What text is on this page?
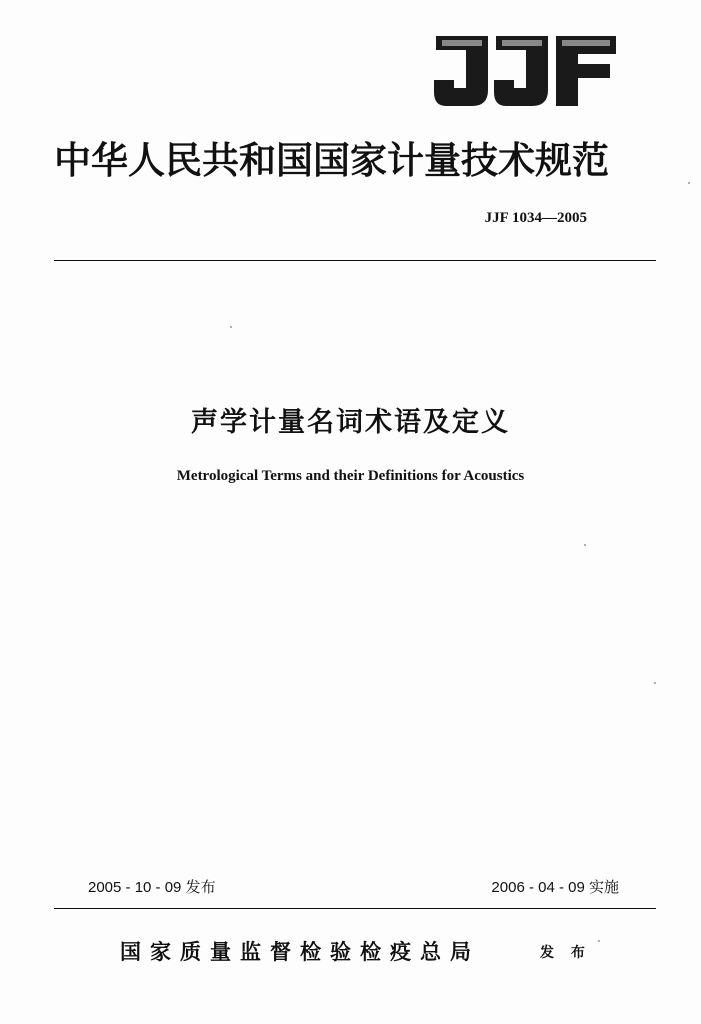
中华人民共和国国家计量技术规范
JJF 1034—2005
声学计量名词术语及定义
Metrological Terms and their Definitions for Acoustics
2005 - 10 - 09 发布	2006 - 04 - 09 实施
国家质量监督检验检疫总局	发 布
